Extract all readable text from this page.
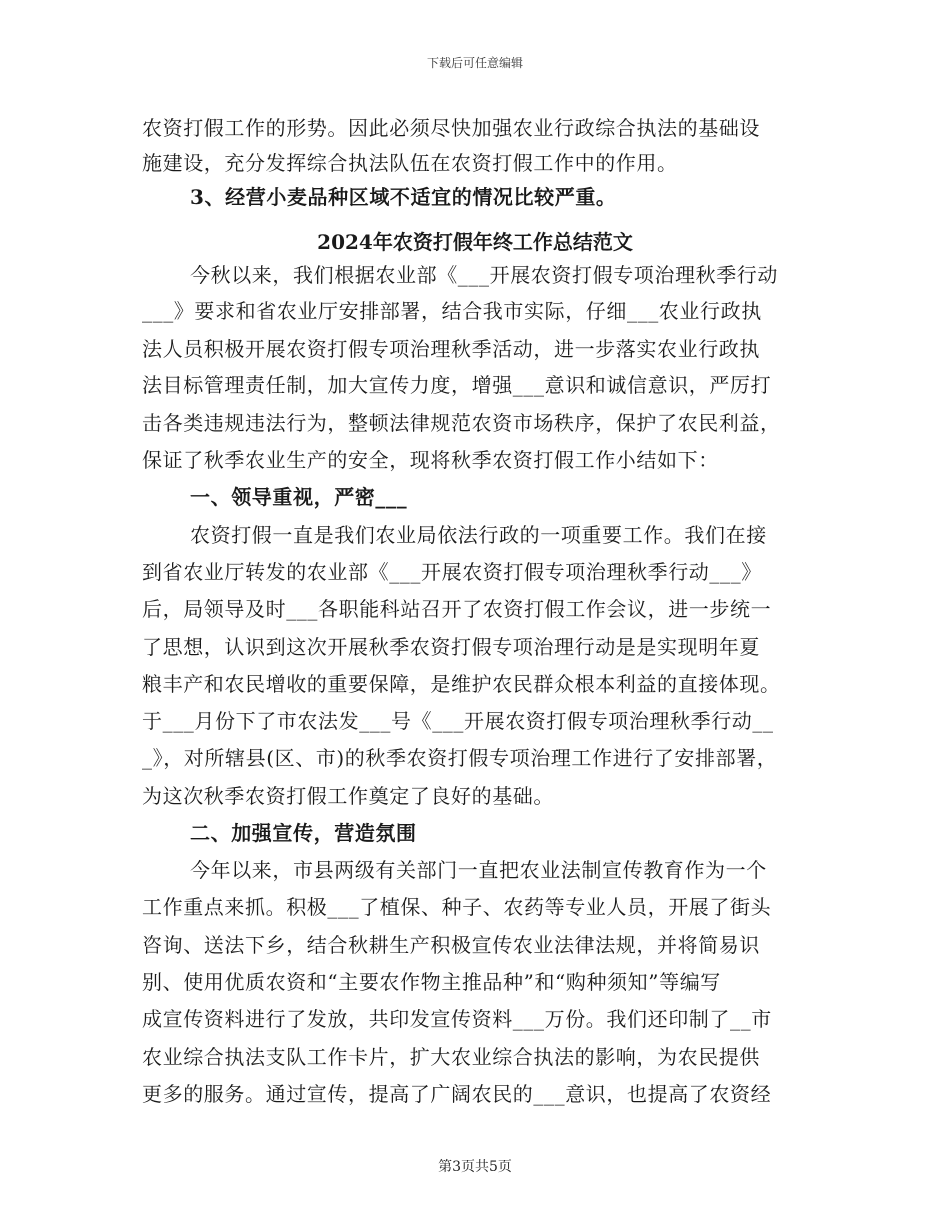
下载后可任意编辑
农资打假工作的形势。因此必须尽快加强农业行政综合执法的基础设
施建设，充分发挥综合执法队伍在农资打假工作中的作用。
3、经营小麦品种区域不适宜的情况比较严重。
2024年农资打假年终工作总结范文
今秋以来，我们根据农业部《___开展农资打假专项治理秋季行动
___》要求和省农业厅安排部署，结合我市实际，仔细___农业行政执
法人员积极开展农资打假专项治理秋季活动，进一步落实农业行政执
法目标管理责任制，加大宣传力度，增强___意识和诚信意识，严厉打
击各类违规违法行为，整顿法律规范农资市场秩序，保护了农民利益，
保证了秋季农业生产的安全，现将秋季农资打假工作小结如下：
一、领导重视，严密___
农资打假一直是我们农业局依法行政的一项重要工作。我们在接
到省农业厅转发的农业部《___开展农资打假专项治理秋季行动___》
后，局领导及时___各职能科站召开了农资打假工作会议，进一步统一
了思想，认识到这次开展秋季农资打假专项治理行动是是实现明年夏
粮丰产和农民增收的重要保障，是维护农民群众根本利益的直接体现。
于___月份下了市农法发___号《___开展农资打假专项治理秋季行动__
_》，对所辖县(区、市)的秋季农资打假专项治理工作进行了安排部署，
为这次秋季农资打假工作奠定了良好的基础。
二、加强宣传，营造氛围
今年以来，市县两级有关部门一直把农业法制宣传教育作为一个
工作重点来抓。积极___了植保、种子、农药等专业人员，开展了街头
咨询、送法下乡，结合秋耕生产积极宣传农业法律法规，并将简易识
别、使用优质农资和“主要农作物主推品种”和“购种须知”等编写
成宣传资料进行了发放，共印发宣传资料___万份。我们还印制了__市
农业综合执法支队工作卡片，扩大农业综合执法的影响，为农民提供
更多的服务。通过宣传，提高了广阔农民的___意识，也提高了农资经
第3页共5页
